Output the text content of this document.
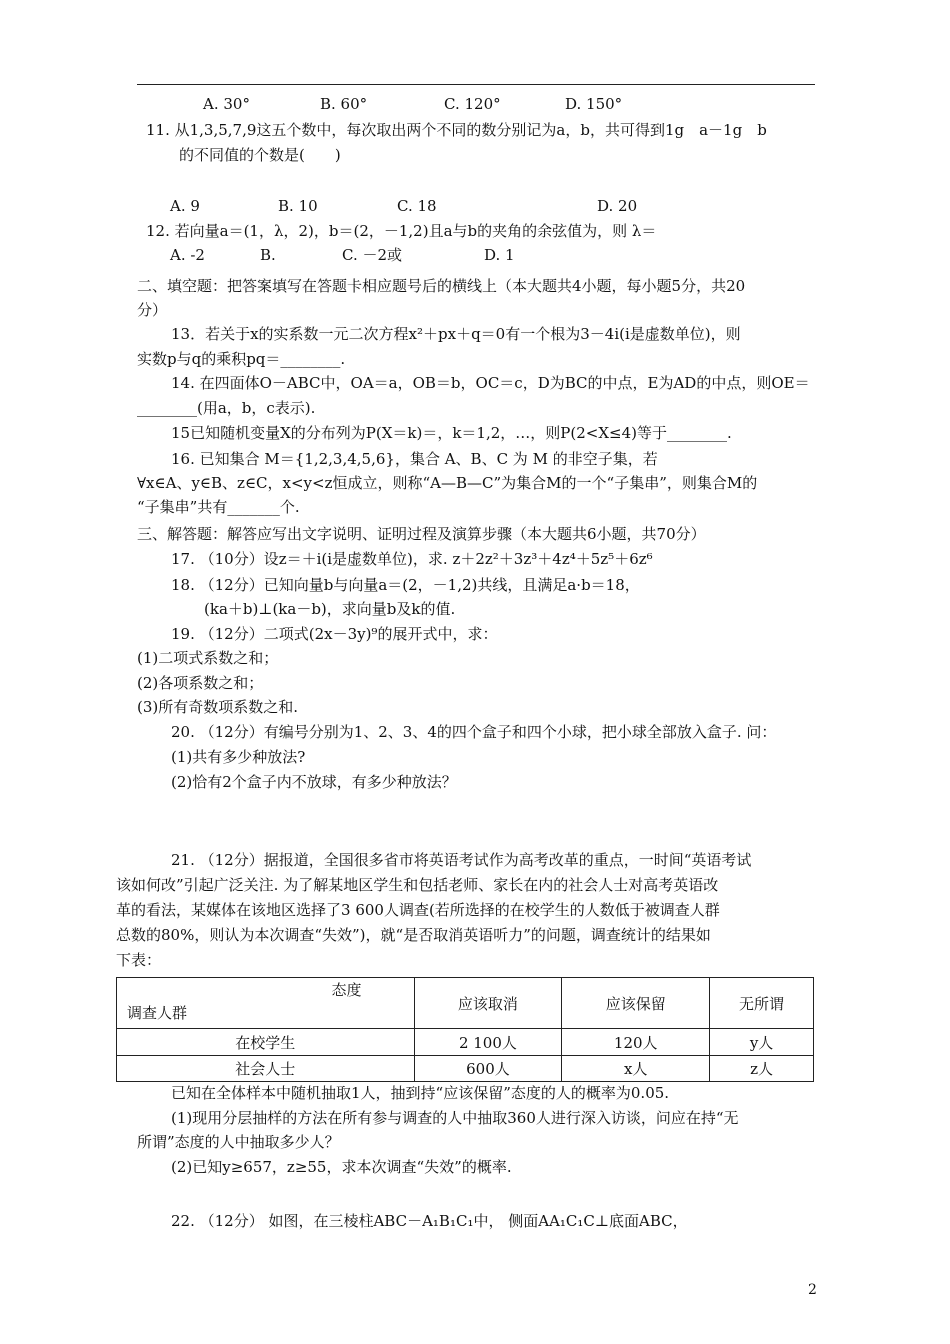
A. 30°	B. 60°	C. 120°	D. 150°
11. 从1,3,5,7,9这五个数中，每次取出两个不同的数分别记为a，b，共可得到1g　a－1g　b
的不同值的个数是(　　)
A. 9	B. 10	C. 18	D. 20
12. 若向量a＝(1，λ，2)，b＝(2，－1,2)且a与b的夹角的余弦值为，则 λ＝
A. -2	B.	C. －2或	D. 1
二、填空题：把答案填写在答题卡相应题号后的横线上（本大题共4小题，每小题5分，共20
分）
13．若关于x的实系数一元二次方程x²＋px＋q＝0有一个根为3－4i(i是虚数单位)，则
实数p与q的乘积pq＝________.
14. 在四面体O－ABC中，OA＝a，OB＝b，OC＝c，D为BC的中点，E为AD的中点，则OE＝
________(用a，b，c表示).
15已知随机变量X的分布列为P(X＝k)＝，k＝1,2，…，则P(2<X≤4)等于________.
16. 已知集合 M＝{1,2,3,4,5,6}，集合 A、B、C 为 M 的非空子集，若
∀x∈A、y∈B、z∈C，x<y<z恒成立，则称“A—B—C”为集合M的一个“子集串”，则集合M的
“子集串”共有_______个.
三、解答题：解答应写出文字说明、证明过程及演算步骤（本大题共6小题，共70分）
17. （10分）设z＝＋i(i是虚数单位)，求. z＋2z²＋3z³＋4z⁴＋5z⁵＋6z⁶
18. （12分）已知向量b与向量a＝(2，－1,2)共线，且满足a·b＝18，
(ka＋b)⊥(ka－b)，求向量b及k的值.
19. （12分）二项式(2x－3y)⁹的展开式中，求：
(1)二项式系数之和；
(2)各项系数之和；
(3)所有奇数项系数之和.
20. （12分）有编号分别为1、2、3、4的四个盒子和四个小球，把小球全部放入盒子. 问：
(1)共有多少种放法?
(2)恰有2个盒子内不放球，有多少种放法？
21. （12分）据报道，全国很多省市将英语考试作为高考改革的重点，一时间“英语考试
该如何改”引起广泛关注. 为了解某地区学生和包括老师、家长在内的社会人士对高考英语改
革的看法，某媒体在该地区选择了3 600人调查(若所选择的在校学生的人数低于被调查人群
总数的80%，则认为本次调查“失效”)，就“是否取消英语听力”的问题，调查统计的结果如
下表：
态度
调查人群	应该取消	应该保留	无所谓
在校学生	2 100人	120人	y人
社会人士	600人	x人	z人
已知在全体样本中随机抽取1人，抽到持“应该保留”态度的人的概率为0.05.
(1)现用分层抽样的方法在所有参与调查的人中抽取360人进行深入访谈，问应在持“无
所谓”态度的人中抽取多少人？
(2)已知y≥657，z≥55，求本次调查“失效”的概率.
22. （12分） 如图，在三棱柱ABC－A₁B₁C₁中， 侧面AA₁C₁C⊥底面ABC，
2
